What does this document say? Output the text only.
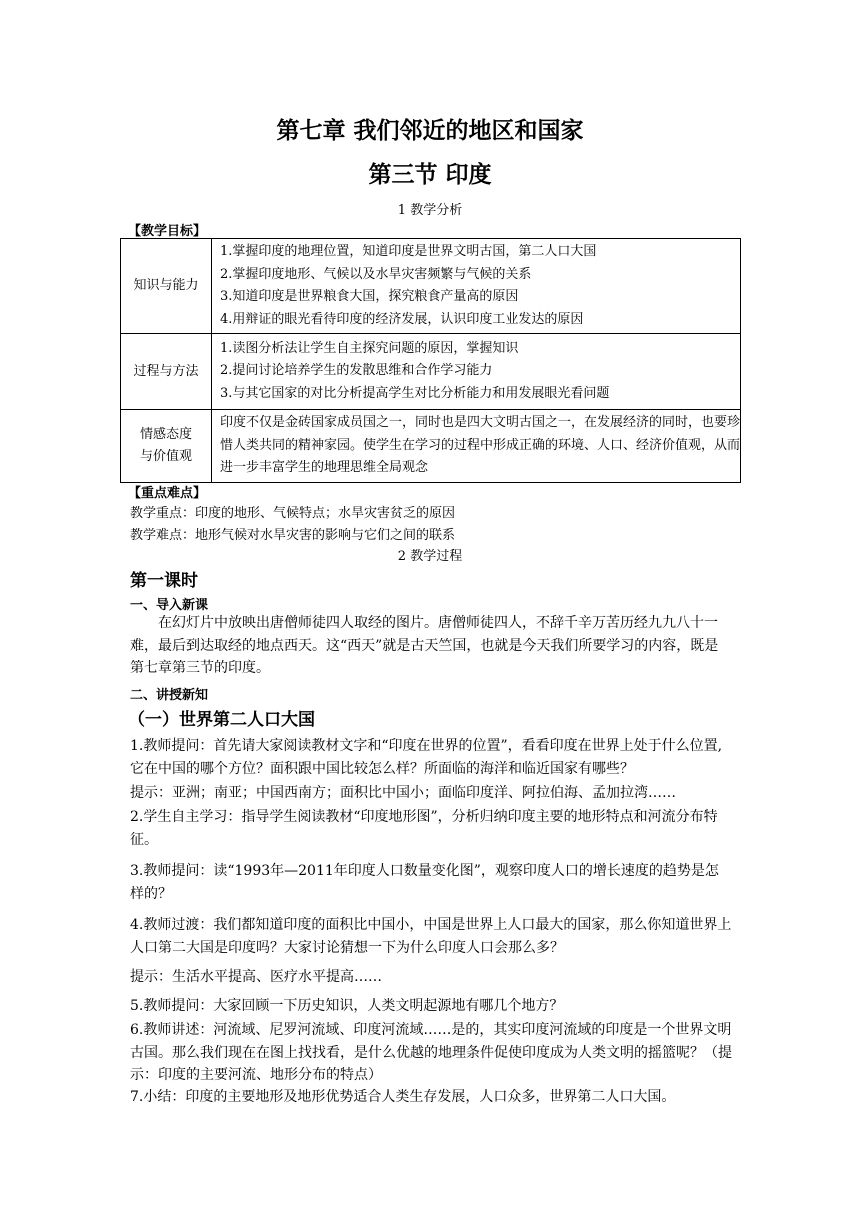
第七章 我们邻近的地区和国家
第三节 印度
1 教学分析
【教学目标】
知识与能力	1.掌握印度的地理位置，知道印度是世界文明古国，第二人口大国
2.掌握印度地形、气候以及水旱灾害频繁与气候的关系
3.知道印度是世界粮食大国，探究粮食产量高的原因
4.用辩证的眼光看待印度的经济发展，认识印度工业发达的原因

过程与方法	1.读图分析法让学生自主探究问题的原因，掌握知识
2.提问讨论培养学生的发散思维和合作学习能力
3.与其它国家的对比分析提高学生对比分析能力和用发展眼光看问题

情感态度
与价值观	印度不仅是金砖国家成员国之一，同时也是四大文明古国之一，在发展经济的同时，也要珍惜人类共同的精神家园。使学生在学习的过程中形成正确的环境、人口、经济价值观，从而进一步丰富学生的地理思维全局观念

【重点难点】
教学重点：印度的地形、气候特点；水旱灾害贫乏的原因
教学难点：地形气候对水旱灾害的影响与它们之间的联系
2 教学过程
第一课时
一、导入新课

在幻灯片中放映出唐僧师徒四人取经的图片。唐僧师徒四人，不辞千辛万苦历经九九八十一难，最后到达取经的地点西天。这“西天”就是古天竺国，也就是今天我们所要学习的内容，既是第七章第三节的印度。

二、讲授新知
（一）世界第二人口大国

1.教师提问：首先请大家阅读教材文字和“印度在世界的位置”，看看印度在世界上处于什么位置,它在中国的哪个方位？面积跟中国比较怎么样？所面临的海洋和临近国家有哪些？

提示：亚洲；南亚；中国西南方；面积比中国小；面临印度洋、阿拉伯海、孟加拉湾……

2.学生自主学习：指导学生阅读教材“印度地形图”，分析归纳印度主要的地形特点和河流分布特征。

3.教师提问：读“1993年—2011年印度人口数量变化图”，观察印度人口的增长速度的趋势是怎样的？

4.教师过渡：我们都知道印度的面积比中国小，中国是世界上人口最大的国家，那么你知道世界上人口第二大国是印度吗？大家讨论猜想一下为什么印度人口会那么多？

提示：生活水平提高、医疗水平提高……

5.教师提问：大家回顾一下历史知识，人类文明起源地有哪几个地方？

6.教师讲述：河流域、尼罗河流域、印度河流域……是的，其实印度河流域的印度是一个世界文明古国。那么我们现在在图上找找看，是什么优越的地理条件促使印度成为人类文明的摇篮呢？（提示：印度的主要河流、地形分布的特点）

7.小结：印度的主要地形及地形优势适合人类生存发展，人口众多，世界第二人口大国。
